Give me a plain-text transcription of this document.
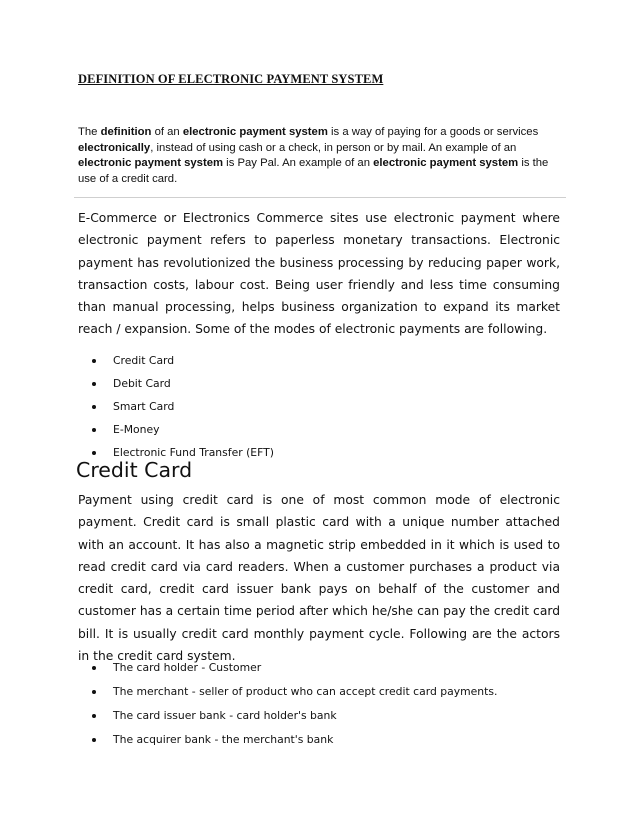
DEFINITION OF ELECTRONIC PAYMENT SYSTEM
The definition of an electronic payment system is a way of paying for a goods or services electronically, instead of using cash or a check, in person or by mail. An example of an electronic payment system is Pay Pal. An example of an electronic payment system is the use of a credit card.
E-Commerce or Electronics Commerce sites use electronic payment where electronic payment refers to paperless monetary transactions. Electronic payment has revolutionized the business processing by reducing paper work, transaction costs, labour cost. Being user friendly and less time consuming than manual processing, helps business organization to expand its market reach / expansion. Some of the modes of electronic payments are following.
Credit Card
Debit Card
Smart Card
E-Money
Electronic Fund Transfer (EFT)
Credit Card
Payment using credit card is one of most common mode of electronic payment. Credit card is small plastic card with a unique number attached with an account. It has also a magnetic strip embedded in it which is used to read credit card via card readers. When a customer purchases a product via credit card, credit card issuer bank pays on behalf of the customer and customer has a certain time period after which he/she can pay the credit card bill. It is usually credit card monthly payment cycle. Following are the actors in the credit card system.
The card holder - Customer
The merchant - seller of product who can accept credit card payments.
The card issuer bank - card holder's bank
The acquirer bank - the merchant's bank
